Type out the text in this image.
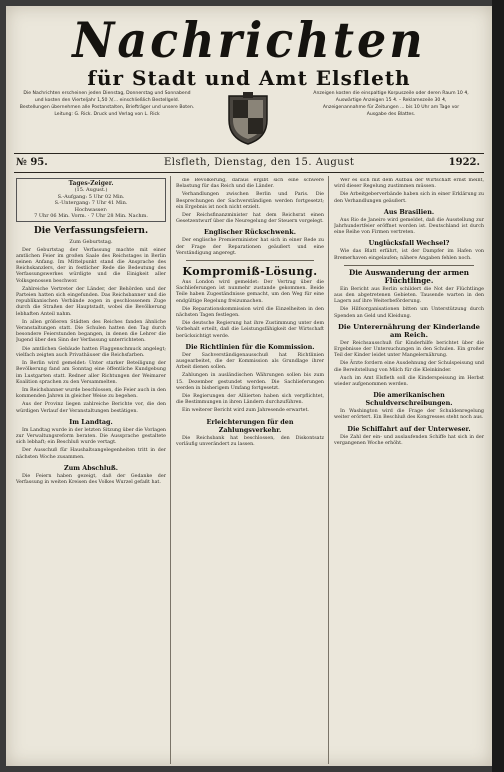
Nachrichten
für Stadt und Amt Elsfleth
Die Nachrichten erscheinen jeden Dienstag, Donnerstag und Sonnabend
und kosten den Vierteljahr 1,50 ℳ... einschließlich Bestellgeld.
Bestellungen übernehmen alle Postanstalten, Briefträger und unsere Boten.
Leitung: G. Rick. Druck und Verlag von L. Rick
Anzeigen kosten die einspaltige Korpuszeile oder deren Raum 10 ₰,
Auswärtige Anzeigen 15 ₰. – Reklamezeile 30 ₰,
Anzeigenannahme für Zeitungen ... bis 10 Uhr am Tage vor
Ausgabe des Blattes.
№ 95.	Elsfleth, Dienstag, den 15. August	1922.
Tages-Zeiger.
(15. August.)
S.-Aufgang: 5 Uhr 02 Min.
S.-Untergang: 7 Uhr 41 Min.
Hochwasser:
7 Uhr 06 Min. Vorm. · 7 Uhr 28 Min. Nachm.
Die Verfassungsfeiern.
Zum Geburtstag.

Der Geburtstag der Verfassung machte mit einer amtlichen Feier im großen Saale des Reichstages in Berlin seinen Anfang. Im Mittelpunkt stand die Ansprache des Reichskanzlers, der in festlicher Rede die Bedeutung des Verfassungswerkes würdigte und die Einigkeit aller Volksgenossen beschwor.

Zahlreiche Vertreter der Länder, der Behörden und der Parteien hatten sich eingefunden. Das Reichsbanner und die republikanischen Verbände zogen in geschlossenem Zuge durch die Straßen der Hauptstadt, wobei die Bevölkerung lebhaften Anteil nahm.

In allen größeren Städten des Reiches fanden ähnliche Veranstaltungen statt. Die Schulen hatten den Tag durch besondere Feierstunden begangen, in denen die Lehrer die Jugend über den Sinn der Verfassung unterrichteten.

Die amtlichen Gebäude hatten Flaggenschmuck angelegt; vielfach zeigten auch Privathäuser die Reichsfarben.

In Berlin wird gemeldet: Unter starker Beteiligung der Bevölkerung fand am Sonntag eine öffentliche Kundgebung im Lustgarten statt. Redner aller Richtungen der Weimarer Koalition sprachen zu den Versammelten.

Im Reichsbanner wurde beschlossen, die Feier auch in den kommenden Jahren in gleicher Weise zu begehen.

Aus der Provinz liegen zahlreiche Berichte vor, die den würdigen Verlauf der Veranstaltungen bestätigen.

Im Landtag.

Im Landtag wurde in der letzten Sitzung über die Vorlagen zur Verwaltungsreform beraten. Die Aussprache gestaltete sich lebhaft; ein Beschluß wurde vertagt.

Der Ausschuß für Haushaltsangelegenheiten tritt in der nächsten Woche zusammen.

Zum Abschluß.

Die Feiern haben gezeigt, daß der Gedanke der Verfassung in weiten Kreisen des Volkes Wurzel gefaßt hat.

die Bevölkerung, daraus ergibt sich eine schwere Belastung für das Reich und die Länder.

Verhandlungen zwischen Berlin und Paris. Die Besprechungen der Sachverständigen werden fortgesetzt; ein Ergebnis ist noch nicht erzielt.

Der Reichsfinanzminister hat dem Reichsrat einen Gesetzentwurf über die Neuregelung der Steuern vorgelegt.

Englischer Rückschwenk.

Der englische Premierminister hat sich in einer Rede zu der Frage der Reparationen geäußert und eine Verständigung angeregt.

Kompromiß-Lösung.

Aus London wird gemeldet: Der Vertrag über die Sachlieferungen ist nunmehr zustande gekommen. Beide Teile haben Zugeständnisse gemacht, um den Weg für eine endgültige Regelung freizumachen.

Die Reparationskommission wird die Einzelheiten in den nächsten Tagen festlegen.

Die deutsche Regierung hat ihre Zustimmung unter dem Vorbehalt erteilt, daß die Leistungsfähigkeit der Wirtschaft berücksichtigt werde.

Die Richtlinien für die Kommission.

Der Sachverständigenausschuß hat Richtlinien ausgearbeitet, die der Kommission als Grundlage ihrer Arbeit dienen sollen.

Zahlungen in ausländischen Währungen sollen bis zum 15. Dezember gestundet werden. Die Sachlieferungen werden in bisherigem Umfang fortgesetzt.

Die Regierungen der Alliierten haben sich verpflichtet, die Bestimmungen in ihren Ländern durchzuführen.

Ein weiterer Bericht wird zum Jahresende erwartet.

Erleichterungen für den Zahlungsverkehr.

Die Reichsbank hat beschlossen, den Diskontsatz vorläufig unverändert zu lassen.

Wer es sich mit dem Aufbau der Wirtschaft ernst meint, wird dieser Regelung zustimmen müssen.

Die Arbeitgeberverbände haben sich in einer Erklärung zu den Verhandlungen geäußert.

Aus Brasilien.

Aus Rio de Janeiro wird gemeldet, daß die Ausstellung zur Jahrhundertfeier eröffnet worden ist. Deutschland ist durch eine Reihe von Firmen vertreten.

Unglücksfall Wechsel?

Wie das Blatt erfährt, ist der Dampfer im Hafen von Bremerhaven eingelaufen; nähere Angaben fehlen noch.

Die Auswanderung der armen Flüchtlinge.

Ein Bericht aus Berlin schildert die Not der Flüchtlinge aus den abgetretenen Gebieten. Tausende warten in den Lagern auf ihre Weiterbeförderung.

Die Hilfsorganisationen bitten um Unterstützung durch Spenden an Geld und Kleidung.

Die Unterernährung der Kinderlande am Reich.

Der Reichsausschuß für Kinderhilfe berichtet über die Ergebnisse der Untersuchungen in den Schulen. Ein großer Teil der Kinder leidet unter Mangelernährung.

Die Ärzte fordern eine Ausdehnung der Schulspeisung und die Bereitstellung von Milch für die Kleinkinder.

Auch im Amt Elsfleth soll die Kinderspeisung im Herbst wieder aufgenommen werden.

Die amerikanischen Schuldverschreibungen.

In Washington wird die Frage der Schuldenregelung weiter erörtert. Ein Beschluß des Kongresses steht noch aus.

Die Schiffahrt auf der Unterweser.

Die Zahl der ein- und auslaufenden Schiffe hat sich in der vergangenen Woche erhöht.
